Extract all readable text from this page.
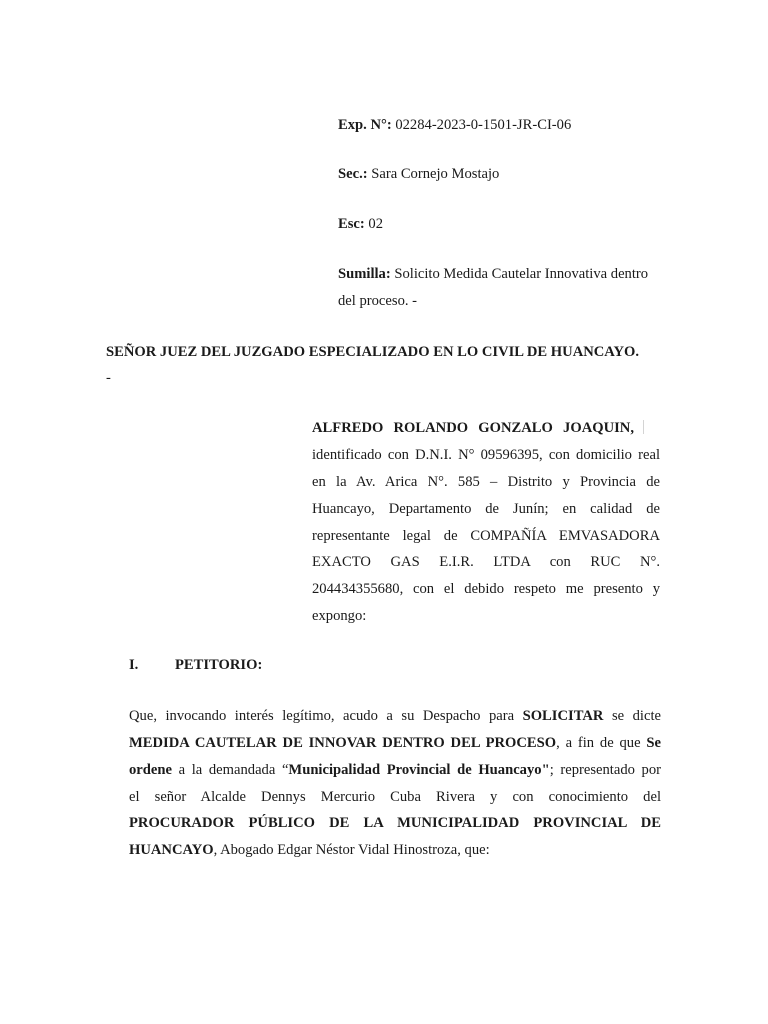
Exp. N°: 02284-2023-0-1501-JR-CI-06
Sec.: Sara Cornejo Mostajo
Esc: 02
Sumilla: Solicito Medida Cautelar Innovativa dentro
del proceso. -
SEÑOR JUEZ DEL JUZGADO ESPECIALIZADO EN LO CIVIL DE HUANCAYO.
-
ALFREDO ROLANDO GONZALO JOAQUIN,
identificado con D.N.I. N° 09596395, con domicilio real
en la Av. Arica N°. 585 – Distrito y Provincia de
Huancayo, Departamento de Junín; en calidad de
representante legal de COMPAÑÍA EMVASADORA
EXACTO GAS E.I.R. LTDA con RUC N°.
204434355680, con el debido respeto me presento y
expongo:
I.	PETITORIO:
Que, invocando interés legítimo, acudo a su Despacho para SOLICITAR se dicte
MEDIDA CAUTELAR DE INNOVAR DENTRO DEL PROCESO, a fin de que Se
ordene a la demandada “Municipalidad Provincial de Huancayo"; representado por
el señor Alcalde Dennys Mercurio Cuba Rivera y con conocimiento del
PROCURADOR PÚBLICO DE LA MUNICIPALIDAD PROVINCIAL DE
HUANCAYO, Abogado Edgar Néstor Vidal Hinostroza, que:
